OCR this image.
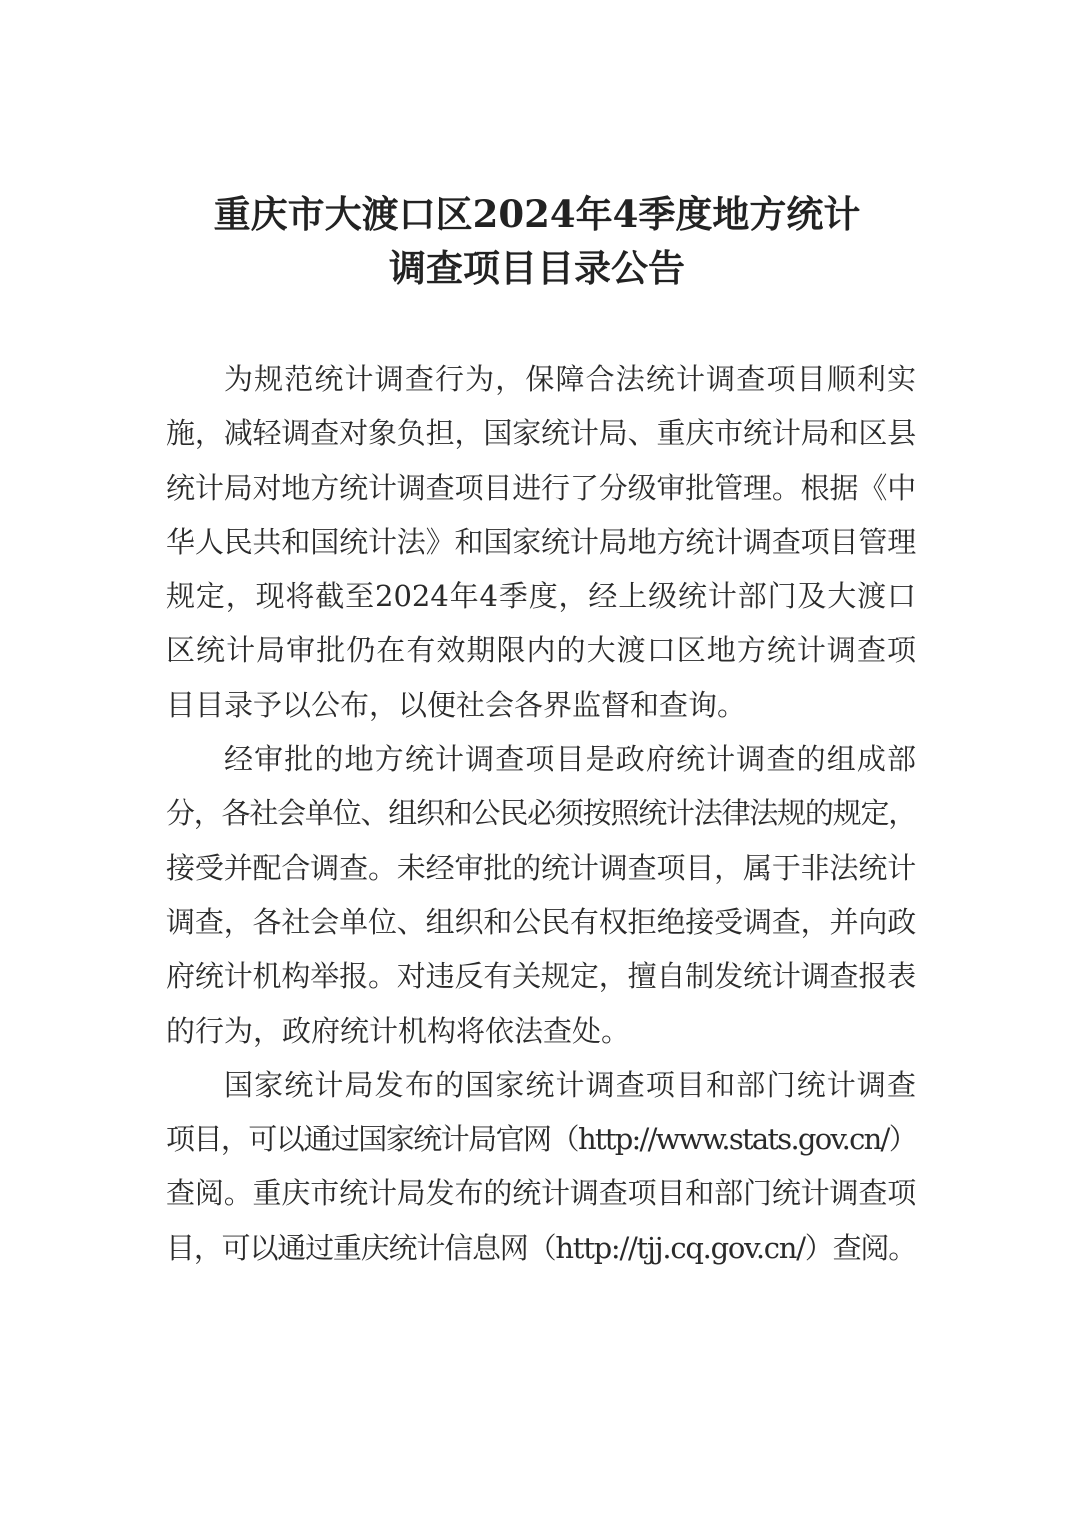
重庆市大渡口区2024年4季度地方统计
调查项目目录公告
为规范统计调查行为，保障合法统计调查项目顺利实
施，减轻调查对象负担，国家统计局、重庆市统计局和区县
统计局对地方统计调查项目进行了分级审批管理。根据《中
华人民共和国统计法》和国家统计局地方统计调查项目管理
规定，现将截至2024年4季度，经上级统计部门及大渡口
区统计局审批仍在有效期限内的大渡口区地方统计调查项
目目录予以公布，以便社会各界监督和查询。
经审批的地方统计调查项目是政府统计调查的组成部
分，各社会单位、组织和公民必须按照统计法律法规的规定，
接受并配合调查。未经审批的统计调查项目，属于非法统计
调查，各社会单位、组织和公民有权拒绝接受调查，并向政
府统计机构举报。对违反有关规定，擅自制发统计调查报表
的行为，政府统计机构将依法查处。
国家统计局发布的国家统计调查项目和部门统计调查
项目，可以通过国家统计局官网（http://www.stats.gov.cn/）
查阅。重庆市统计局发布的统计调查项目和部门统计调查项
目，可以通过重庆统计信息网（http://tjj.cq.gov.cn/）查阅。
